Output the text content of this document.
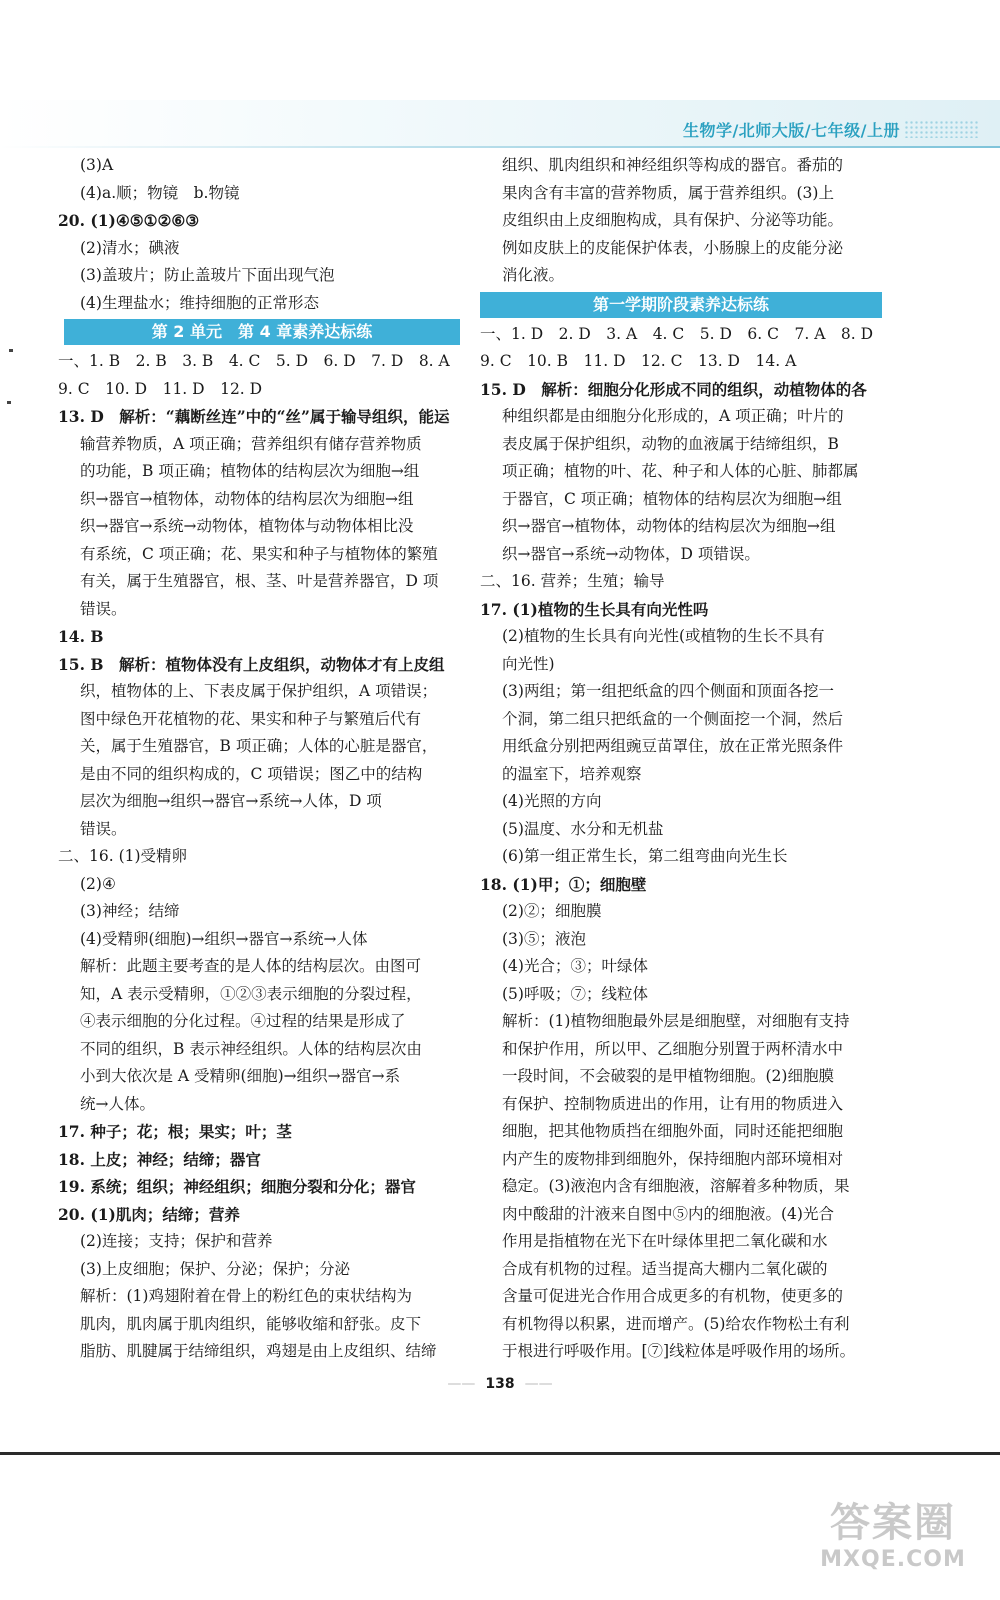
生物学/北师大版/七年级/上册
(3)A
(4)a.顺；物镜　b.物镜
20. (1)④⑤①②⑥③
(2)清水；碘液
(3)盖玻片；防止盖玻片下面出现气泡
(4)生理盐水；维持细胞的正常形态
第 2 单元　第 4 章素养达标练
一、1. B　2. B　3. B　4. C　5. D　6. D　7. D　8. A
9. C　10. D　11. D　12. D
13. D　解析：“藕断丝连”中的“丝”属于输导组织，能运
输营养物质，A 项正确；营养组织有储存营养物质
的功能，B 项正确；植物体的结构层次为细胞→组
织→器官→植物体，动物体的结构层次为细胞→组
织→器官→系统→动物体，植物体与动物体相比没
有系统，C 项正确；花、果实和种子与植物体的繁殖
有关，属于生殖器官，根、茎、叶是营养器官，D 项
错误。
14. B
15. B　解析：植物体没有上皮组织，动物体才有上皮组
织，植物体的上、下表皮属于保护组织，A 项错误；
图中绿色开花植物的花、果实和种子与繁殖后代有
关，属于生殖器官，B 项正确；人体的心脏是器官，
是由不同的组织构成的，C 项错误；图乙中的结构
层次为细胞→组织→器官→系统→人体，D 项
错误。
二、16. (1)受精卵
(2)④
(3)神经；结缔
(4)受精卵(细胞)→组织→器官→系统→人体
解析：此题主要考查的是人体的结构层次。由图可
知，A 表示受精卵，①②③表示细胞的分裂过程，
④表示细胞的分化过程。④过程的结果是形成了
不同的组织，B 表示神经组织。人体的结构层次由
小到大依次是 A 受精卵(细胞)→组织→器官→系
统→人体。
17. 种子；花；根；果实；叶；茎
18. 上皮；神经；结缔；器官
19. 系统；组织；神经组织；细胞分裂和分化；器官
20. (1)肌肉；结缔；营养
(2)连接；支持；保护和营养
(3)上皮细胞；保护、分泌；保护；分泌
解析：(1)鸡翅附着在骨上的粉红色的束状结构为
肌肉，肌肉属于肌肉组织，能够收缩和舒张。皮下
脂肪、肌腱属于结缔组织，鸡翅是由上皮组织、结缔
组织、肌肉组织和神经组织等构成的器官。番茄的
果肉含有丰富的营养物质，属于营养组织。(3)上
皮组织由上皮细胞构成，具有保护、分泌等功能。
例如皮肤上的皮能保护体表，小肠腺上的皮能分泌
消化液。
第一学期阶段素养达标练
一、1. D　2. D　3. A　4. C　5. D　6. C　7. A　8. D
9. C　10. B　11. D　12. C　13. D　14. A
15. D　解析：细胞分化形成不同的组织，动植物体的各
种组织都是由细胞分化形成的，A 项正确；叶片的
表皮属于保护组织，动物的血液属于结缔组织，B
项正确；植物的叶、花、种子和人体的心脏、肺都属
于器官，C 项正确；植物体的结构层次为细胞→组
织→器官→植物体，动物体的结构层次为细胞→组
织→器官→系统→动物体，D 项错误。
二、16. 营养；生殖；输导
17. (1)植物的生长具有向光性吗
(2)植物的生长具有向光性(或植物的生长不具有
向光性)
(3)两组；第一组把纸盒的四个侧面和顶面各挖一
个洞，第二组只把纸盒的一个侧面挖一个洞，然后
用纸盒分别把两组豌豆苗罩住，放在正常光照条件
的温室下，培养观察
(4)光照的方向
(5)温度、水分和无机盐
(6)第一组正常生长，第二组弯曲向光生长
18. (1)甲；①；细胞壁
(2)②；细胞膜
(3)⑤；液泡
(4)光合；③；叶绿体
(5)呼吸；⑦；线粒体
解析：(1)植物细胞最外层是细胞壁，对细胞有支持
和保护作用，所以甲、乙细胞分别置于两杯清水中
一段时间，不会破裂的是甲植物细胞。(2)细胞膜
有保护、控制物质进出的作用，让有用的物质进入
细胞，把其他物质挡在细胞外面，同时还能把细胞
内产生的废物排到细胞外，保持细胞内部环境相对
稳定。(3)液泡内含有细胞液，溶解着多种物质，果
肉中酸甜的汁液来自图中⑤内的细胞液。(4)光合
作用是指植物在光下在叶绿体里把二氧化碳和水
合成有机物的过程。适当提高大棚内二氧化碳的
含量可促进光合作用合成更多的有机物，使更多的
有机物得以积累，进而增产。(5)给农作物松土有利
于根进行呼吸作用。[⑦]线粒体是呼吸作用的场所。
—— 138 ——
答案圈
MXQE.COM
